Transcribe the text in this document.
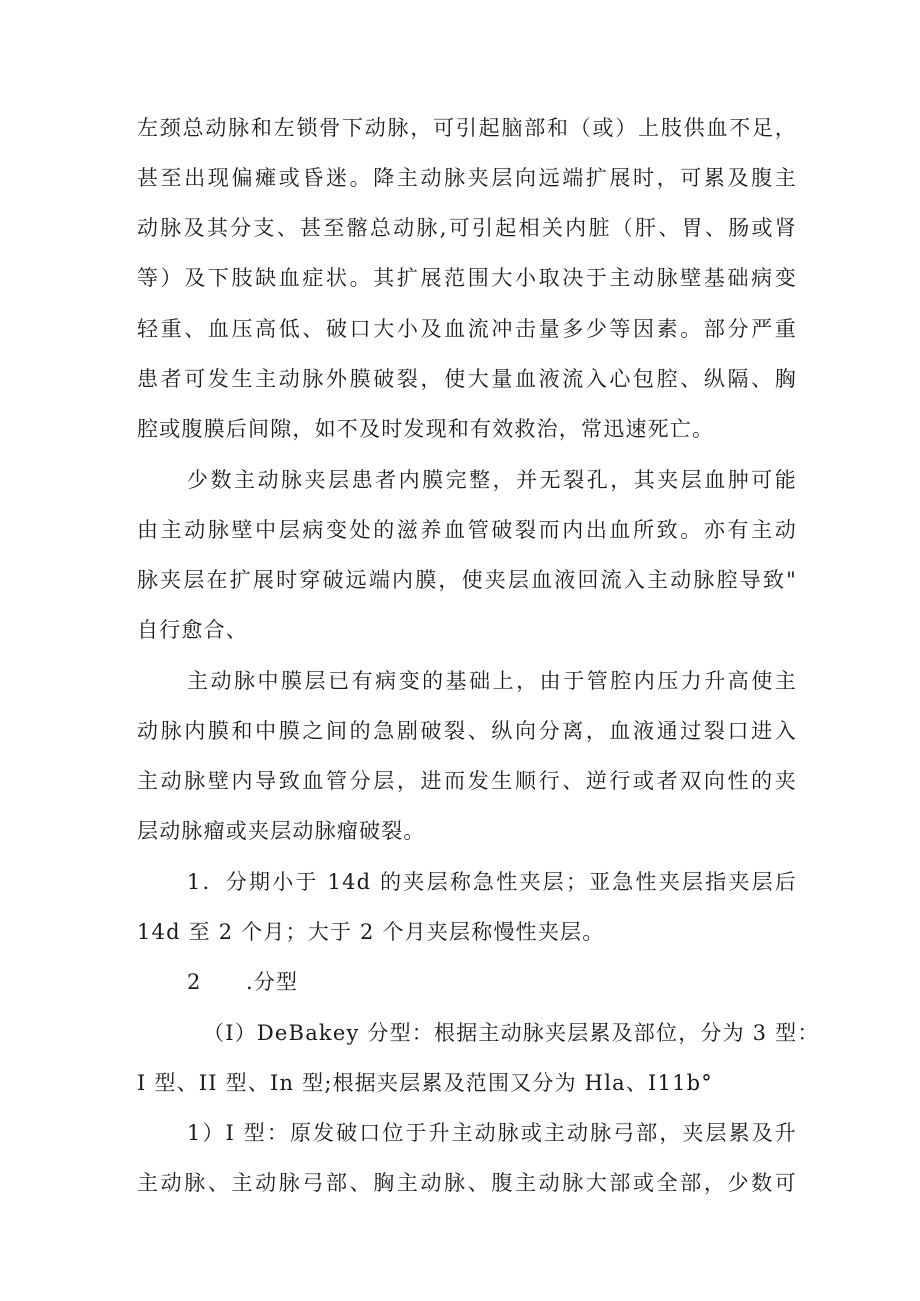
左颈总动脉和左锁骨下动脉，可引起脑部和（或）上肢供血不足，
甚至出现偏瘫或昏迷。降主动脉夹层向远端扩展时，可累及腹主
动脉及其分支、甚至髂总动脉,可引起相关内脏（肝、胃、肠或肾
等）及下肢缺血症状。其扩展范围大小取决于主动脉壁基础病变
轻重、血压高低、破口大小及血流冲击量多少等因素。部分严重
患者可发生主动脉外膜破裂，使大量血液流入心包腔、纵隔、胸
腔或腹膜后间隙，如不及时发现和有效救治，常迅速死亡。
少数主动脉夹层患者内膜完整，并无裂孔，其夹层血肿可能
由主动脉壁中层病变处的滋养血管破裂而内出血所致。亦有主动
脉夹层在扩展时穿破远端内膜，使夹层血液回流入主动脉腔导致"
自行愈合、
主动脉中膜层已有病变的基础上，由于管腔内压力升高使主
动脉内膜和中膜之间的急剧破裂、纵向分离，血液通过裂口进入
主动脉壁内导致血管分层，进而发生顺行、逆行或者双向性的夹
层动脉瘤或夹层动脉瘤破裂。
1．分期小于 14d 的夹层称急性夹层；亚急性夹层指夹层后
14d 至 2 个月；大于 2 个月夹层称慢性夹层。
2　　.分型
（I）DeBakey 分型：根据主动脉夹层累及部位，分为 3 型：
I 型、II 型、In 型;根据夹层累及范围又分为 Hla、I11b°
1）I 型：原发破口位于升主动脉或主动脉弓部，夹层累及升
主动脉、主动脉弓部、胸主动脉、腹主动脉大部或全部，少数可
